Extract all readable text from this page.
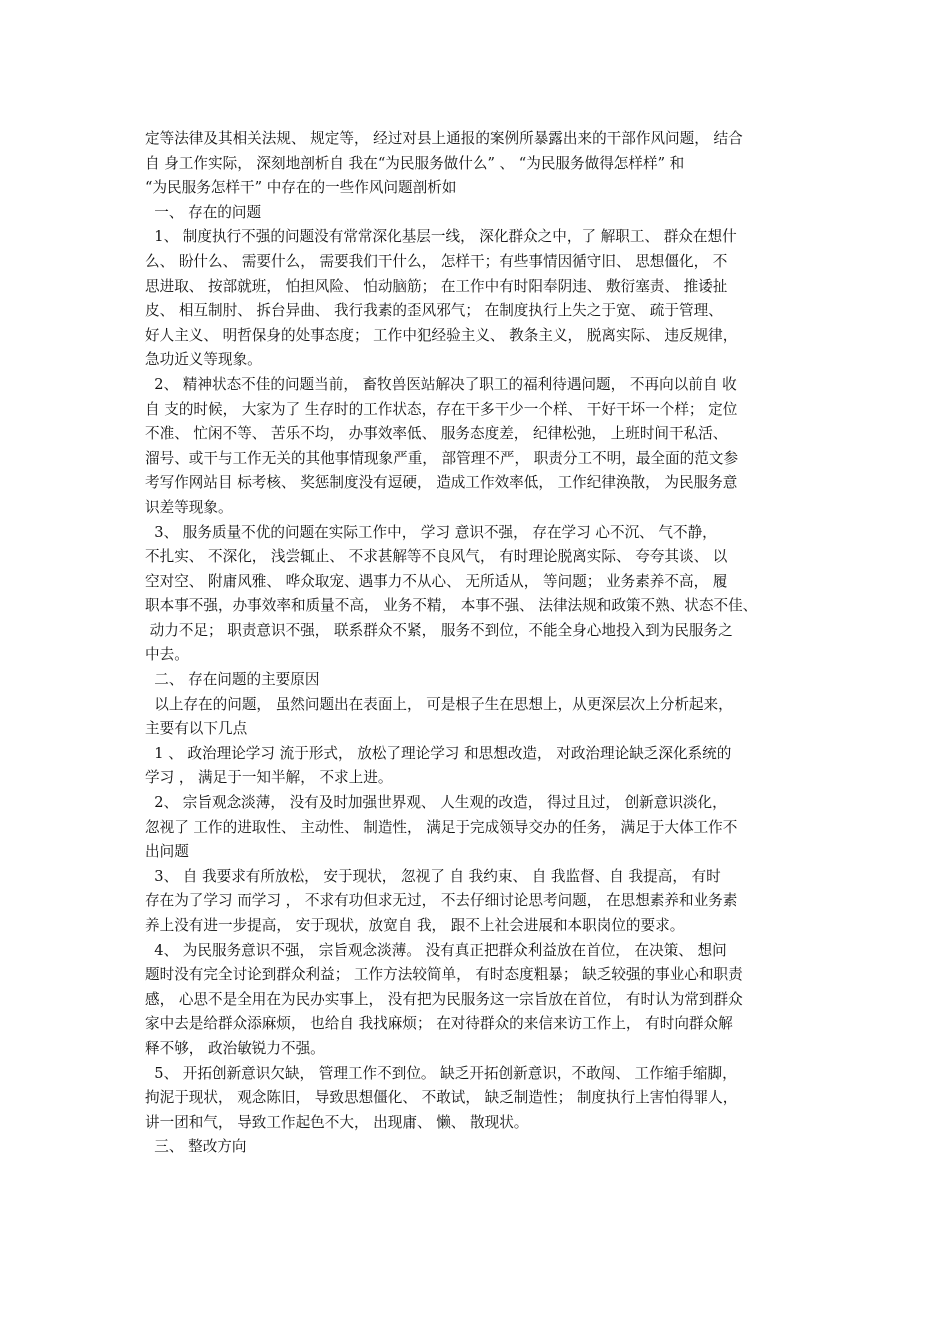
定等法律及其相关法规、 规定等， 经过对县上通报的案例所暴露出来的干部作风问题， 结合
自 身工作实际， 深刻地剖析自 我在“为民服务做什么” 、 “为民服务做得怎样样” 和
“为民服务怎样干” 中存在的一些作风问题剖析如
一、 存在的问题
1、 制度执行不强的问题没有常常深化基层一线， 深化群众之中，了 解职工、 群众在想什
么、 盼什么、 需要什么， 需要我们干什么， 怎样干；有些事情因循守旧、 思想僵化， 不
思进取、 按部就班， 怕担风险、 怕动脑筋； 在工作中有时阳奉阴违、 敷衍塞责、 推诿扯
皮、 相互制肘、 拆台异曲、 我行我素的歪风邪气； 在制度执行上失之于宽、 疏于管理、
好人主义、 明哲保身的处事态度； 工作中犯经验主义、 教条主义， 脱离实际、 违反规律，
急功近义等现象。
2、 精神状态不佳的问题当前， 畜牧兽医站解决了职工的福利待遇问题， 不再向以前自 收
自 支的时候， 大家为了 生存时的工作状态，存在干多干少一个样、 干好干坏一个样； 定位
不准、 忙闲不等、 苦乐不均， 办事效率低、 服务态度差， 纪律松弛， 上班时间干私活、
溜号、或干与工作无关的其他事情现象严重， 部管理不严， 职责分工不明，最全面的范文参
考写作网站目 标考核、 奖惩制度没有逗硬， 造成工作效率低， 工作纪律涣散， 为民服务意
识差等现象。
3、 服务质量不优的问题在实际工作中， 学习 意识不强， 存在学习 心不沉、 气不静，
不扎实、 不深化， 浅尝辄止、 不求甚解等不良风气， 有时理论脱离实际、 夸夸其谈、 以
空对空、 附庸风雅、 哗众取宠、遇事力不从心、 无所适从， 等问题； 业务素养不高， 履
职本事不强，办事效率和质量不高， 业务不精， 本事不强、 法律法规和政策不熟、状态不佳、
动力不足； 职责意识不强， 联系群众不紧， 服务不到位，不能全身心地投入到为民服务之
中去。
二、 存在问题的主要原因
以上存在的问题， 虽然问题出在表面上， 可是根子生在思想上，从更深层次上分析起来，
主要有以下几点
1 、 政治理论学习 流于形式， 放松了理论学习 和思想改造， 对政治理论缺乏深化系统的
学习 ， 满足于一知半解， 不求上进。
2、 宗旨观念淡薄， 没有及时加强世界观、 人生观的改造， 得过且过， 创新意识淡化，
忽视了 工作的进取性、 主动性、 制造性， 满足于完成领导交办的任务， 满足于大体工作不
出问题
3、 自 我要求有所放松， 安于现状， 忽视了 自 我约束、 自 我监督、自 我提高， 有时
存在为了学习 而学习 ， 不求有功但求无过， 不去仔细讨论思考问题， 在思想素养和业务素
养上没有进一步提高， 安于现状，放宽自 我， 跟不上社会进展和本职岗位的要求。
4、 为民服务意识不强， 宗旨观念淡薄。 没有真正把群众利益放在首位， 在决策、 想问
题时没有完全讨论到群众利益； 工作方法较简单， 有时态度粗暴； 缺乏较强的事业心和职责
感， 心思不是全用在为民办实事上， 没有把为民服务这一宗旨放在首位， 有时认为常到群众
家中去是给群众添麻烦， 也给自 我找麻烦； 在对待群众的来信来访工作上， 有时向群众解
释不够， 政治敏锐力不强。
5、 开拓创新意识欠缺， 管理工作不到位。 缺乏开拓创新意识，不敢闯、 工作缩手缩脚，
拘泥于现状， 观念陈旧， 导致思想僵化、 不敢试， 缺乏制造性； 制度执行上害怕得罪人，
讲一团和气， 导致工作起色不大， 出现庸、 懒、 散现状。
三、 整改方向
